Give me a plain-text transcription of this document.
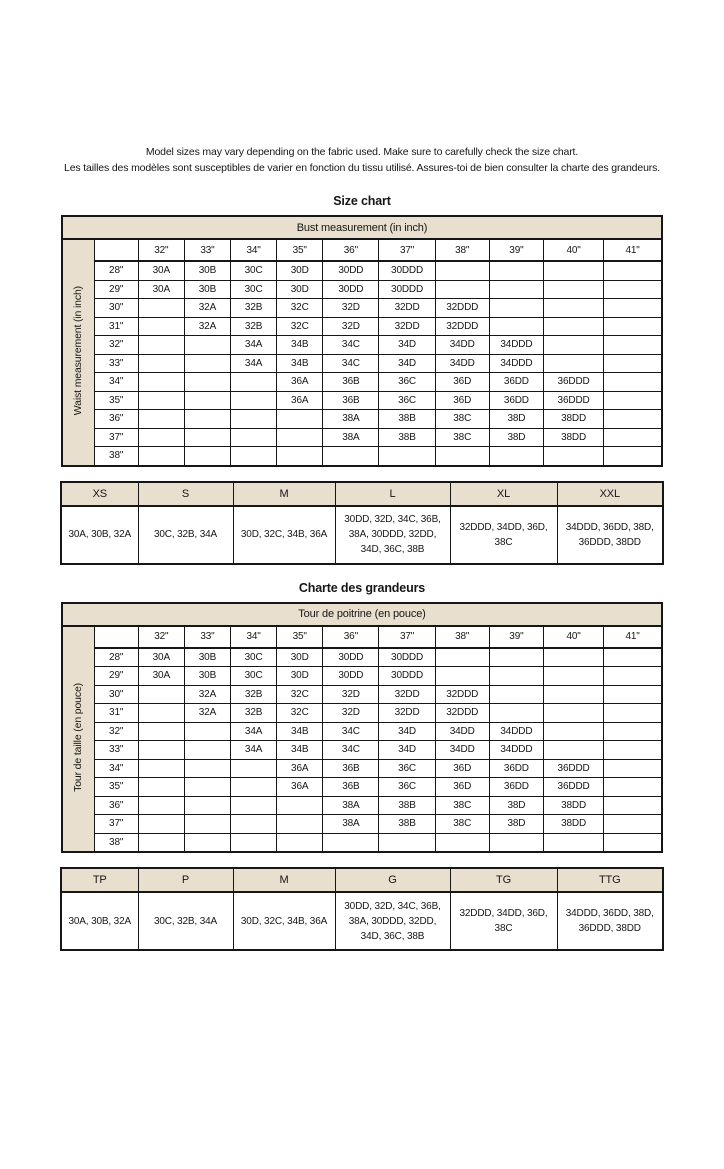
Model sizes may vary depending on the fabric used. Make sure to carefully check the size chart.
Les tailles des modèles sont susceptibles de varier en fonction du tissu utilisé. Assures-toi de bien consulter la charte des grandeurs.
Size chart
Bust measurement (in inch)											
Waist measurement (in inch)		32"	33"	34"	35"	36"	37"	38"	39"	40"	41"
	28"	30A	30B	30C	30D	30DD	30DDD				
	29"	30A	30B	30C	30D	30DD	30DDD				
	30"		32A	32B	32C	32D	32DD	32DDD			
	31"		32A	32B	32C	32D	32DD	32DDD			
	32"			34A	34B	34C	34D	34DD	34DDD		
	33"			34A	34B	34C	34D	34DD	34DDD		
	34"				36A	36B	36C	36D	36DD	36DDD	
	35"				36A	36B	36C	36D	36DD	36DDD	
	36"					38A	38B	38C	38D	38DD	
	37"					38A	38B	38C	38D	38DD	
	38"										
XS	S	M	L	XL	XXL
30A, 30B, 32A	30C, 32B, 34A	30D, 32C, 34B, 36A	30DD, 32D, 34C, 36B, 38A, 30DDD, 32DD, 34D, 36C, 38B	32DDD, 34DD, 36D, 38C	34DDD, 36DD, 38D, 36DDD, 38DD
Charte des grandeurs
Tour de poitrine (en pouce)											
Tour de taille (en pouce)		32"	33"	34"	35"	36"	37"	38"	39"	40"	41"
	28"	30A	30B	30C	30D	30DD	30DDD				
	29"	30A	30B	30C	30D	30DD	30DDD				
	30"		32A	32B	32C	32D	32DD	32DDD			
	31"		32A	32B	32C	32D	32DD	32DDD			
	32"			34A	34B	34C	34D	34DD	34DDD		
	33"			34A	34B	34C	34D	34DD	34DDD		
	34"				36A	36B	36C	36D	36DD	36DDD	
	35"				36A	36B	36C	36D	36DD	36DDD	
	36"					38A	38B	38C	38D	38DD	
	37"					38A	38B	38C	38D	38DD	
	38"										
TP	P	M	G	TG	TTG
30A, 30B, 32A	30C, 32B, 34A	30D, 32C, 34B, 36A	30DD, 32D, 34C, 36B, 38A, 30DDD, 32DD, 34D, 36C, 38B	32DDD, 34DD, 36D, 38C	34DDD, 36DD, 38D, 36DDD, 38DD
